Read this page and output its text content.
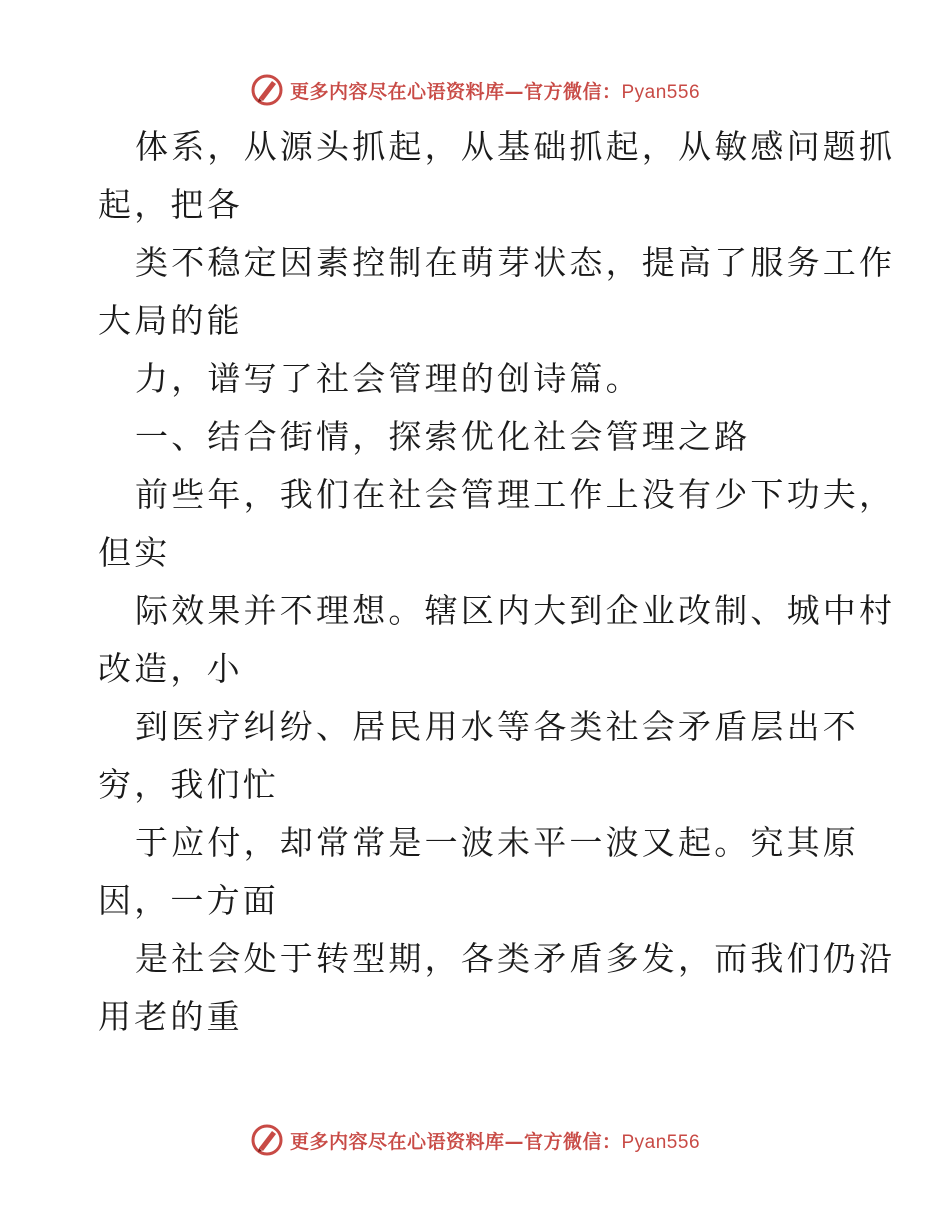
更多内容尽在心语资料库—官方微信：Pyan556
体系，从源头抓起，从基础抓起，从敏感问题抓
起，把各
类不稳定因素控制在萌芽状态，提高了服务工作
大局的能
力，谱写了社会管理的创诗篇。
一、结合街情，探索优化社会管理之路
前些年，我们在社会管理工作上没有少下功夫，
但实
际效果并不理想。辖区内大到企业改制、城中村
改造，小
到医疗纠纷、居民用水等各类社会矛盾层出不
穷，我们忙
于应付，却常常是一波未平一波又起。究其原
因，一方面
是社会处于转型期，各类矛盾多发，而我们仍沿
用老的重
更多内容尽在心语资料库—官方微信：Pyan556
